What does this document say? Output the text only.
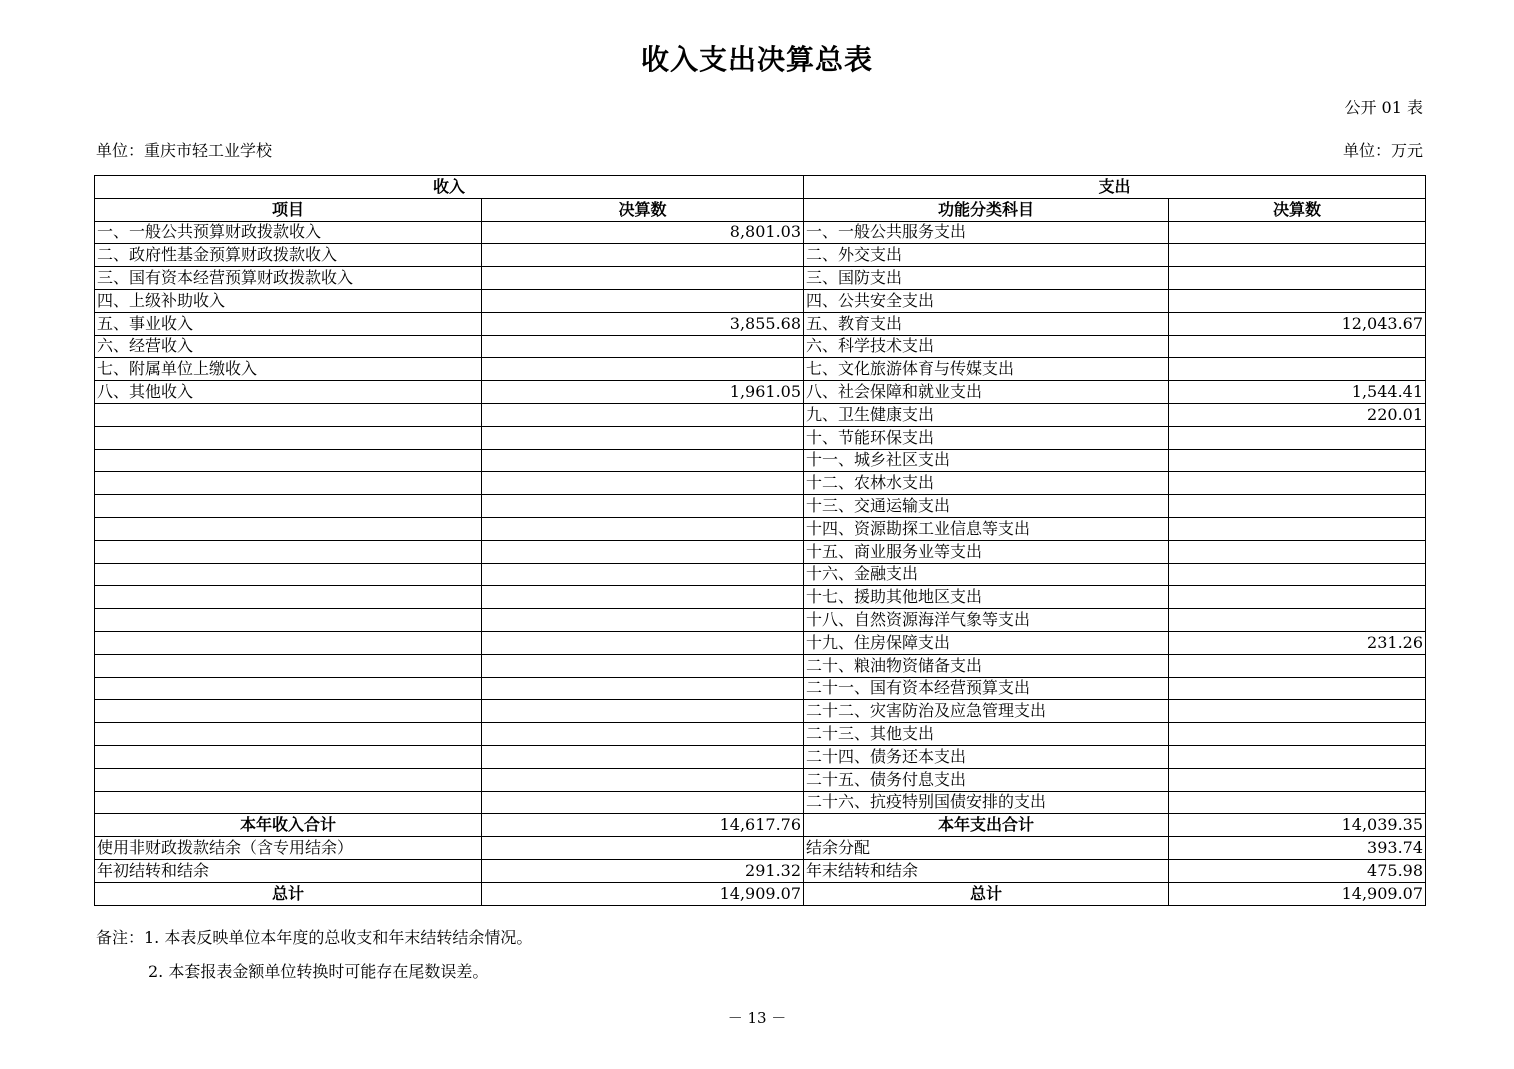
收入支出决算总表
公开 01 表
单位：重庆市轻工业学校	单位：万元
收入		支出	
项目	决算数	功能分类科目	决算数
一、一般公共预算财政拨款收入	8,801.03	一、一般公共服务支出	
二、政府性基金预算财政拨款收入		二、外交支出	
三、国有资本经营预算财政拨款收入		三、国防支出	
四、上级补助收入		四、公共安全支出	
五、事业收入	3,855.68	五、教育支出	12,043.67
六、经营收入		六、科学技术支出	
七、附属单位上缴收入		七、文化旅游体育与传媒支出	
八、其他收入	1,961.05	八、社会保障和就业支出	1,544.41
		九、卫生健康支出	220.01
		十、节能环保支出	
		十一、城乡社区支出	
		十二、农林水支出	
		十三、交通运输支出	
		十四、资源勘探工业信息等支出	
		十五、商业服务业等支出	
		十六、金融支出	
		十七、援助其他地区支出	
		十八、自然资源海洋气象等支出	
		十九、住房保障支出	231.26
		二十、粮油物资储备支出	
		二十一、国有资本经营预算支出	
		二十二、灾害防治及应急管理支出	
		二十三、其他支出	
		二十四、债务还本支出	
		二十五、债务付息支出	
		二十六、抗疫特别国债安排的支出	
本年收入合计	14,617.76	本年支出合计	14,039.35
使用非财政拨款结余（含专用结余）		结余分配	393.74
年初结转和结余	291.32	年末结转和结余	475.98
总计	14,909.07	总计	14,909.07
备注：1. 本表反映单位本年度的总收支和年末结转结余情况。
2. 本套报表金额单位转换时可能存在尾数误差。
－ 13 －
